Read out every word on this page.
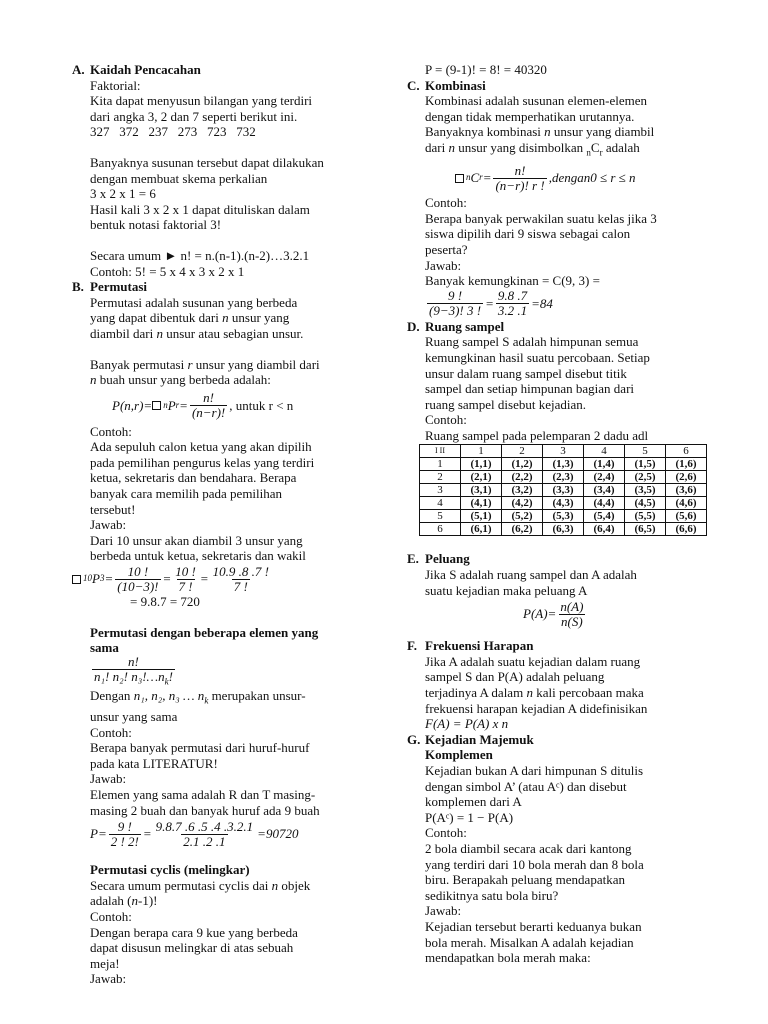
A. Kaidah Pencacahan
Faktorial:
Kita dapat menyusun bilangan yang terdiri
dari angka 3, 2 dan 7 seperti berikut ini.
327   372   237   273   723   732
Banyaknya susunan tersebut dapat dilakukan
dengan membuat skema perkalian
3 x 2 x 1 = 6
Hasil kali 3 x 2 x 1 dapat dituliskan dalam
bentuk notasi faktorial 3!
Secara umum ► n! = n.(n-1).(n-2)…3.2.1
Contoh: 5! = 5 x 4 x 3 x 2 x 1
B. Permutasi
Permutasi adalah susunan yang berbeda
yang dapat dibentuk dari n unsur yang
diambil dari n unsur atau sebagian unsur.
Banyak permutasi r unsur yang diambil dari
n buah unsur yang berbeda adalah:
P(n,r)= n P $r = \frac{n!}{(n-r)!}$ , untuk r < n
Contoh:
Ada sepuluh calon ketua yang akan dipilih
pada pemilihan pengurus kelas yang terdiri
ketua, sekretaris dan bendahara. Berapa
banyak cara memilih pada pemilihan
tersebut!
Jawab:
Dari 10 unsur akan diambil 3 unsur yang
berbeda untuk ketua, sekretaris dan wakil
10 P $3 = \frac{10 !}{(10-3)!} = \frac{10 !}{7 !} = \frac{10.9 .8 .7 !}{7 !}$
= 9.8.7 = 720
Permutasi dengan beberapa elemen yang
sama
$\frac{n!}{n_1! n_2! n_3!\dots n_k!}$
Dengan n₁, n₂, n₃ … $n_k$ merupakan unsur-
unsur yang sama
Contoh:
Berapa banyak permutasi dari huruf-huruf
pada kata LITERATUR!
Jawab:
Elemen yang sama adalah R dan T masing-
masing 2 buah dan banyak huruf ada 9 buah
$P= \frac{9 !}{2 ! 2!} = \frac{9.8.7 .6 .5 .4 .3.2.1}{2.1 .2 .1} =90720$
Permutasi cyclis (melingkar)
Secara umum permutasi cyclis dai n objek
adalah (n-1)!
Contoh:
Dengan berapa cara 9 kue yang berbeda
dapat disusun melingkar di atas sebuah
meja!
Jawab:
P = (9-1)! = 8! = 40320
C. Kombinasi
Kombinasi adalah susunan elemen-elemen
dengan tidak memperhatikan urutannya.
Banyaknya kombinasi n unsur yang diambil
dari n unsur yang disimbolkan $_nC_r$ adalah
n C $r = \frac{n!}{(n-r)! r !}$ ,dengan0 ≤ r ≤ n
Contoh:
Berapa banyak perwakilan suatu kelas jika 3
siswa dipilih dari 9 siswa sebagai calon
peserta?
Jawab:
Banyak kemungkinan = C(9, 3) =
$\frac{9 !}{(9-3)! 3 !} = \frac{9.8 .7}{3.2 .1} =84$
D. Ruang sampel
Ruang sampel S adalah himpunan semua
kemungkinan hasil suatu percobaan. Setiap
unsur dalam ruang sampel disebut titik
sampel dan setiap himpunan bagian dari
ruang sampel disebut kejadian.
Contoh:
Ruang sampel pada pelemparan 2 dadu adl
I II	1	2	3	4	5	6
1	(1,1)	(1,2)	(1,3)	(1,4)	(1,5)	(1,6)
2	(2,1)	(2,2)	(2,3)	(2,4)	(2,5)	(2,6)
3	(3,1)	(3,2)	(3,3)	(3,4)	(3,5)	(3,6)
4	(4,1)	(4,2)	(4,3)	(4,4)	(4,5)	(4,6)
5	(5,1)	(5,2)	(5,3)	(5,4)	(5,5)	(5,6)
6	(6,1)	(6,2)	(6,3)	(6,4)	(6,5)	(6,6)
E. Peluang
Jika S adalah ruang sampel dan A adalah
suatu kejadian maka peluang A
$P(A)= \frac{n(A)}{n(S)}$
F. Frekuensi Harapan
Jika A adalah suatu kejadian dalam ruang
sampel S dan P(A) adalah peluang
terjadinya A dalam n kali percobaan maka
frekuensi harapan kejadian A didefinisikan
F(A) = P(A) x n
G. Kejadian Majemuk
Komplemen
Kejadian bukan A dari himpunan S ditulis
dengan simbol A’ (atau Aᶜ) dan disebut
komplemen dari A
P(Aᶜ) = 1 − P(A)
Contoh:
2 bola diambil secara acak dari kantong
yang terdiri dari 10 bola merah dan 8 bola
biru. Berapakah peluang mendapatkan
sedikitnya satu bola biru?
Jawab:
Kejadian tersebut berarti keduanya bukan
bola merah. Misalkan A adalah kejadian
mendapatkan bola merah maka:
